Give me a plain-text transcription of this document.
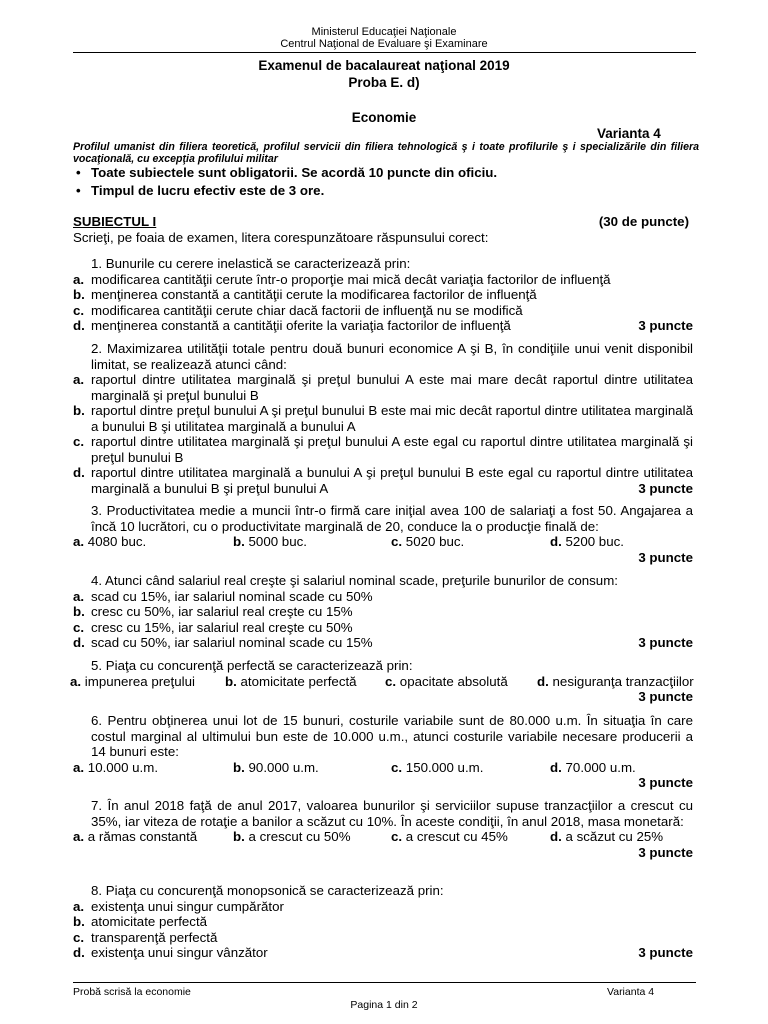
Ministerul Educaţiei Naţionale
Centrul Naţional de Evaluare şi Examinare
Examenul de bacalaureat naţional 2019
Proba E. d)
Economie
Varianta 4
Profilul umanist din filiera teoretică, profilul servicii din filiera tehnologică ş i toate profilurile ş i specializările din filiera vocaţională, cu excepţia profilului militar
• Toate subiectele sunt obligatorii. Se acordă 10 puncte din oficiu.
• Timpul de lucru efectiv este de 3 ore.
SUBIECTUL I	(30 de puncte)
Scrieţi, pe foaia de examen, litera corespunzătoare răspunsului corect:
1. Bunurile cu cerere inelastică se caracterizează prin:
a. modificarea cantităţii cerute într-o proporţie mai mică decât variaţia factorilor de influenţă
b. menţinerea constantă a cantităţii cerute la modificarea factorilor de influenţă
c. modificarea cantităţii cerute chiar dacă factorii de influenţă nu se modifică
d. menţinerea constantă a cantităţii oferite la variaţia factorilor de influenţă	3 puncte
2. Maximizarea utilităţii totale pentru două bunuri economice A şi B, în condiţiile unui venit disponibil limitat, se realizează atunci când:
a. raportul dintre utilitatea marginală şi preţul bunului A este mai mare decât raportul dintre utilitatea marginală şi preţul bunului B
b. raportul dintre preţul bunului A şi preţul bunului B este mai mic decât raportul dintre utilitatea marginală a bunului B şi utilitatea marginală a bunului A
c. raportul dintre utilitatea marginală şi preţul bunului A este egal cu raportul dintre utilitatea marginală şi preţul bunului B
d. raportul dintre utilitatea marginală a bunului A şi preţul bunului B este egal cu raportul dintre utilitatea marginală a bunului B şi preţul bunului A	3 puncte
3. Productivitatea medie a muncii într-o firmă care iniţial avea 100 de salariaţi a fost 50. Angajarea a încă 10 lucrători, cu o productivitate marginală de 20, conduce la o producţie finală de:
a. 4080 buc.	b. 5000 buc.	c. 5020 buc.	d. 5200 buc.
3 puncte
4. Atunci când salariul real creşte şi salariul nominal scade, preţurile bunurilor de consum:
a. scad cu 15%, iar salariul nominal scade cu 50%
b. cresc cu 50%, iar salariul real creşte cu 15%
c. cresc cu 15%, iar salariul real creşte cu 50%
d. scad cu 50%, iar salariul nominal scade cu 15%	3 puncte
5. Piaţa cu concurenţă perfectă se caracterizează prin:
a. impunerea preţului b. atomicitate perfectă c. opacitate absolută d. nesiguranţa tranzacţiilor
3 puncte
6. Pentru obţinerea unui lot de 15 bunuri, costurile variabile sunt de 80.000 u.m. În situaţia în care costul marginal al ultimului bun este de 10.000 u.m., atunci costurile variabile necesare producerii a 14 bunuri este:
a. 10.000 u.m.	b. 90.000 u.m.	c. 150.000 u.m.	d. 70.000 u.m.
3 puncte
7. În anul 2018 faţă de anul 2017, valoarea bunurilor şi serviciilor supuse tranzacţiilor a crescut cu 35%, iar viteza de rotaţie a banilor a scăzut cu 10%. În aceste condiţii, în anul 2018, masa monetară:
a. a rămas constantă	b. a crescut cu 50%	c. a crescut cu 45%	d. a scăzut cu 25%
3 puncte
8. Piaţa cu concurenţă monopsonică se caracterizează prin:
a. existenţa unui singur cumpărător
b. atomicitate perfectă
c. transparenţă perfectă
d. existenţa unui singur vânzător	3 puncte
Probă scrisă la economie	Varianta 4
Pagina 1 din 2
